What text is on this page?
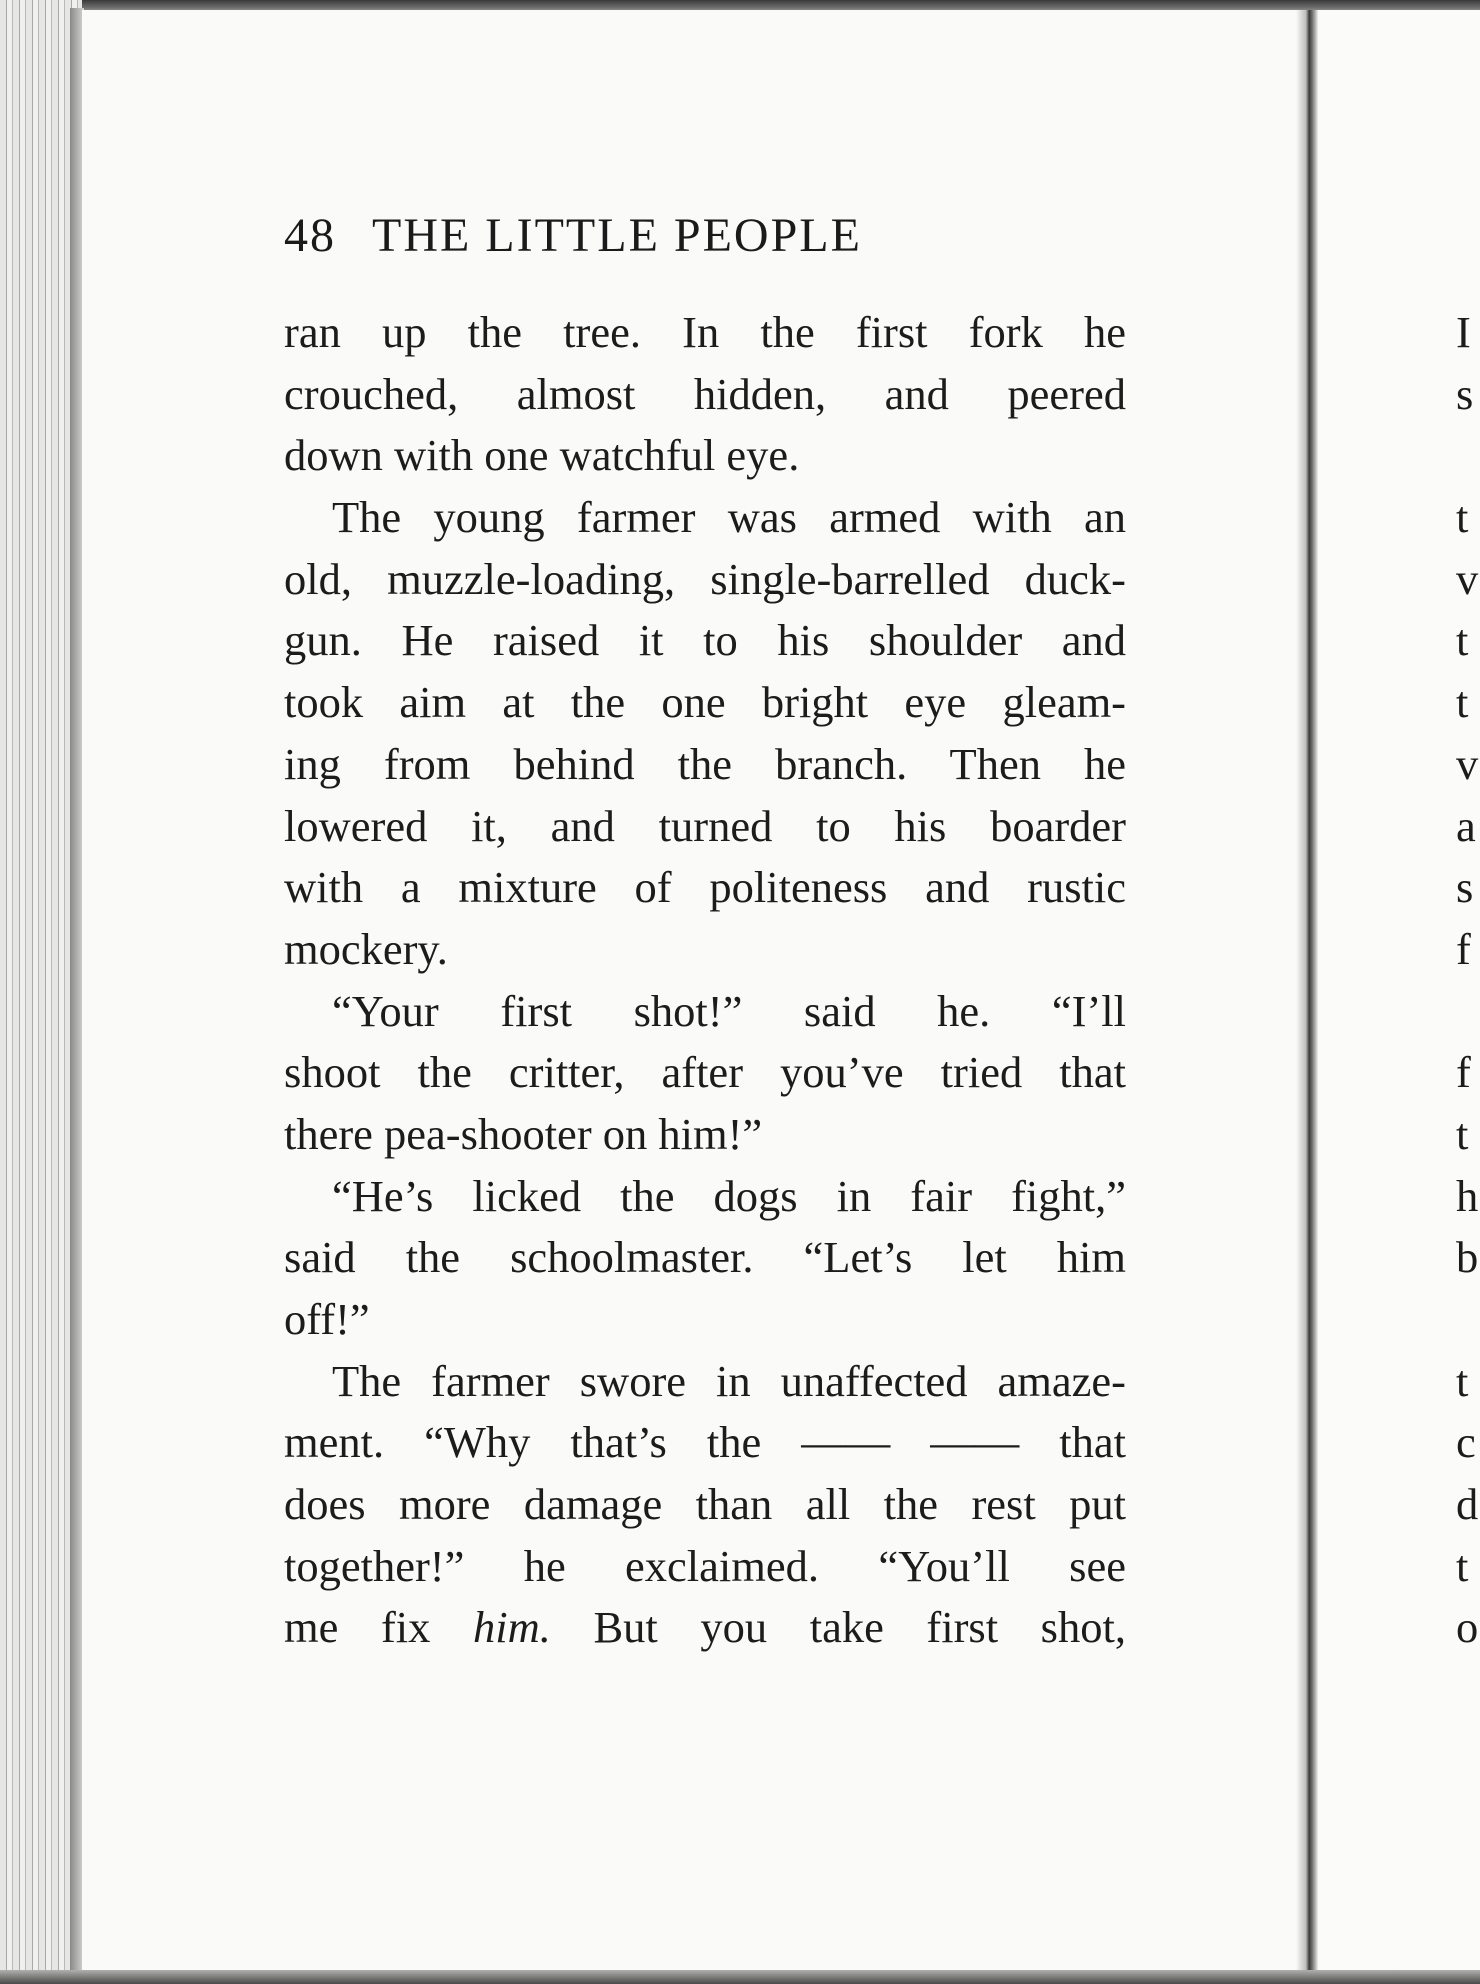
48 THE LITTLE PEOPLE
ran up the tree. In the first fork he
crouched, almost hidden, and peered
down with one watchful eye.
The young farmer was armed with an
old, muzzle-loading, single-barrelled duck-
gun. He raised it to his shoulder and
took aim at the one bright eye gleam-
ing from behind the branch. Then he
lowered it, and turned to his boarder
with a mixture of politeness and rustic
mockery.
“Your first shot!” said he. “I’ll
shoot the critter, after you’ve tried that
there pea-shooter on him!”
“He’s licked the dogs in fair fight,”
said the schoolmaster. “Let’s let him
off!”
The farmer swore in unaffected amaze-
ment. “Why that’s the —— —— that
does more damage than all the rest put
together!” he exclaimed. “You’ll see
me fix him. But you take first shot,
I
s
t
v
t
t
v
a
s
f
f
t
h
b
t
c
d
t
o
